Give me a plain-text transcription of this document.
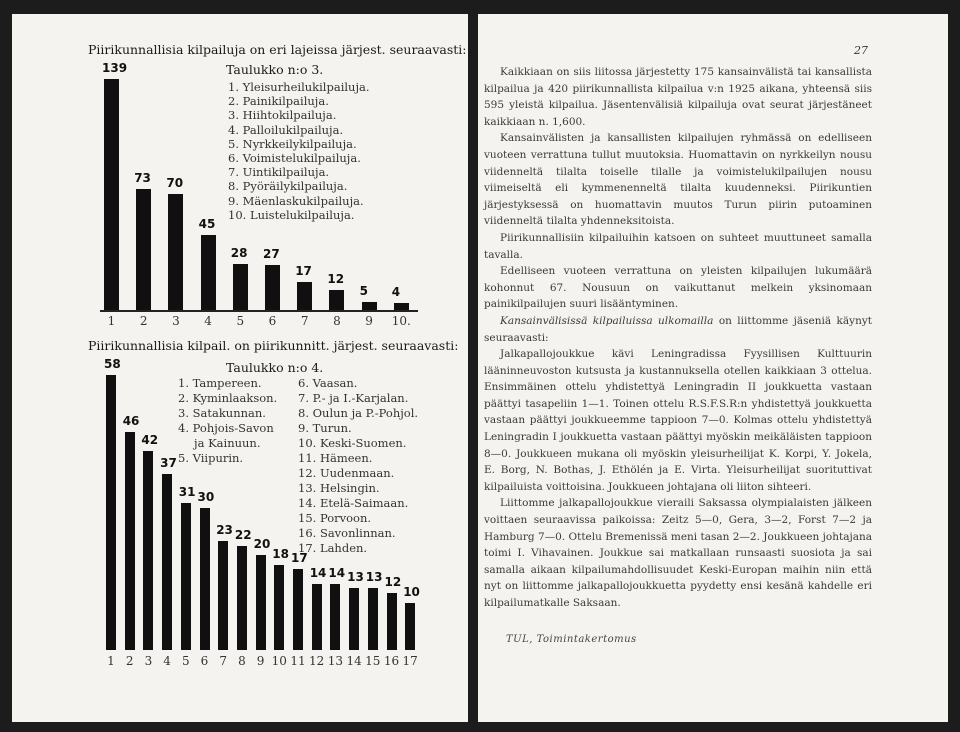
Piirikunnallisia kilpailuja on eri lajeissa järjest. seuraavasti:
Taulukko n:o 3.
1. Yleisurheilukilpailuja.
2. Painikilpailuja.
3. Hiihtokilpailuja.
4. Palloilukilpailuja.
5. Nyrkkeilykilpailuja.
6. Voimistelukilpailuja.
7. Uintikilpailuja.
8. Pyöräilykilpailuja.
9. Mäenlaskukilpailuja.
10. Luistelukilpailuja.
139
1
73
2
70
3
45
4
28
5
27
6
17
7
12
8
5
9
4
10.
Piirikunnallisia kilpail. on piirikunnitt. järjest. seuraavasti:
Taulukko n:o 4.
1. Tampereen.
2. Kyminlaakson.
3. Satakunnan.
4. Pohjois-Savon
ja Kainuun.
5. Viipurin.
6. Vaasan.
7. P.- ja I.-Karjalan.
8. Oulun ja P.-Pohjol.
9. Turun.
10. Keski-Suomen.
11. Hämeen.
12. Uudenmaan.
13. Helsingin.
14. Etelä-Saimaan.
15. Porvoon.
16. Savonlinnan.
17. Lahden.
58
1
46
2
42
3
37
4
31
5
30
6
23
7
22
8
20
9
18
10
17
11
14
12
14
13
13
14
13
15
12
16
10
17
27

Kaikkiaan on siis liitossa järjestetty 175 kansainvälistä tai kansallista kilpailua ja 420 piirikunnallista kilpailua v:n 1925 aikana, yhteensä siis 595 yleistä kilpailua. Jäsentenvälisiä kilpailuja ovat seurat järjestäneet kaikkiaan n. 1,600.

Kansainvälisten ja kansallisten kilpailujen ryhmässä on edelliseen vuoteen verrattuna tullut muutoksia. Huomattavin on nyrkkeilyn nousu viidenneltä tilalta toiselle tilalle ja voimistelukilpailujen nousu viimeiseltä eli kymmenenneltä tilalta kuudenneksi. Piirikuntien järjestyksessä on huomattavin muutos Turun piirin putoaminen viidenneltä tilalta yhdenneksitoista.

Piirikunnallisiin kilpailuihin katsoen on suhteet muuttuneet samalla tavalla.

Edelliseen vuoteen verrattuna on yleisten kilpailujen lukumäärä kohonnut 67. Nousuun on vaikuttanut melkein yksinomaan painikilpailujen suuri lisääntyminen.

Kansainvälisissä kilpailuissa ulkomailla on liittomme jäseniä käynyt seuraavasti:

Jalkapallojoukkue kävi Leningradissa Fyysillisen Kulttuurin lääninneuvoston kutsusta ja kustannuksella otellen kaikkiaan 3 ottelua. Ensimmäinen ottelu yhdistettyä Leningradin II joukkuetta vastaan päättyi tasapeliin 1—1. Toinen ottelu R.S.F.S.R:n yhdistettyä joukkuetta vastaan päättyi joukkueemme tappioon 7—0. Kolmas ottelu yhdistettyä Leningradin I joukkuetta vastaan päättyi myöskin meikäläisten tappioon 8—0. Joukkueen mukana oli myöskin yleisurheilijat K. Korpi, Y. Jokela, E. Borg, N. Bothas, J. Ethölén ja E. Virta. Yleisurheilijat suorituttivat kilpailuista voittoisina. Joukkueen johtajana oli liiton sihteeri.

Liittomme jalkapallojoukkue vieraili Saksassa olympialaisten jälkeen voittaen seuraavissa paikoissa: Zeitz 5—0, Gera, 3—2, Forst 7—2 ja Hamburg 7—0. Ottelu Bremenissä meni tasan 2—2. Joukkueen johtajana toimi I. Vihavainen. Joukkue sai matkallaan runsaasti suosiota ja sai samalla aikaan kilpailumahdollisuudet Keski-Europan maihin niin että nyt on liittomme jalkapallojoukkuetta pyydetty ensi kesänä kahdelle eri kilpailumatkalle Saksaan.

TUL, Toimintakertomus
